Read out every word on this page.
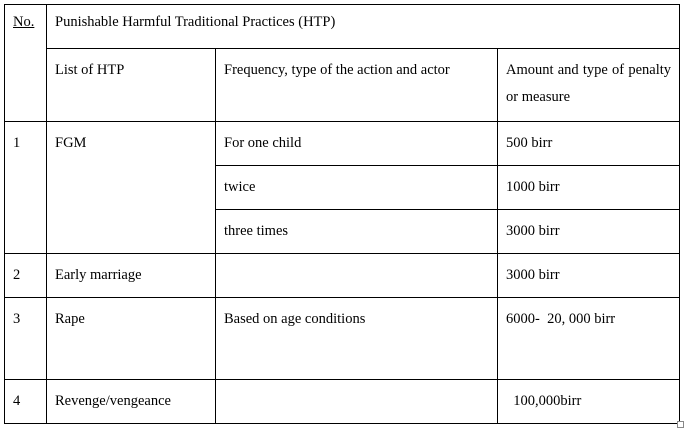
No.	Punishable Harmful Traditional Practices (HTP)		
	List of HTP	Frequency, type of the action and actor	Amount and type of penalty or measure
1	FGM	For one child	500 birr
		twice	1000 birr
		three times	3000 birr
2	Early marriage		3000 birr
3	Rape	Based on age conditions	6000-  20, 000 birr
4	Revenge/vengeance		100,000birr
